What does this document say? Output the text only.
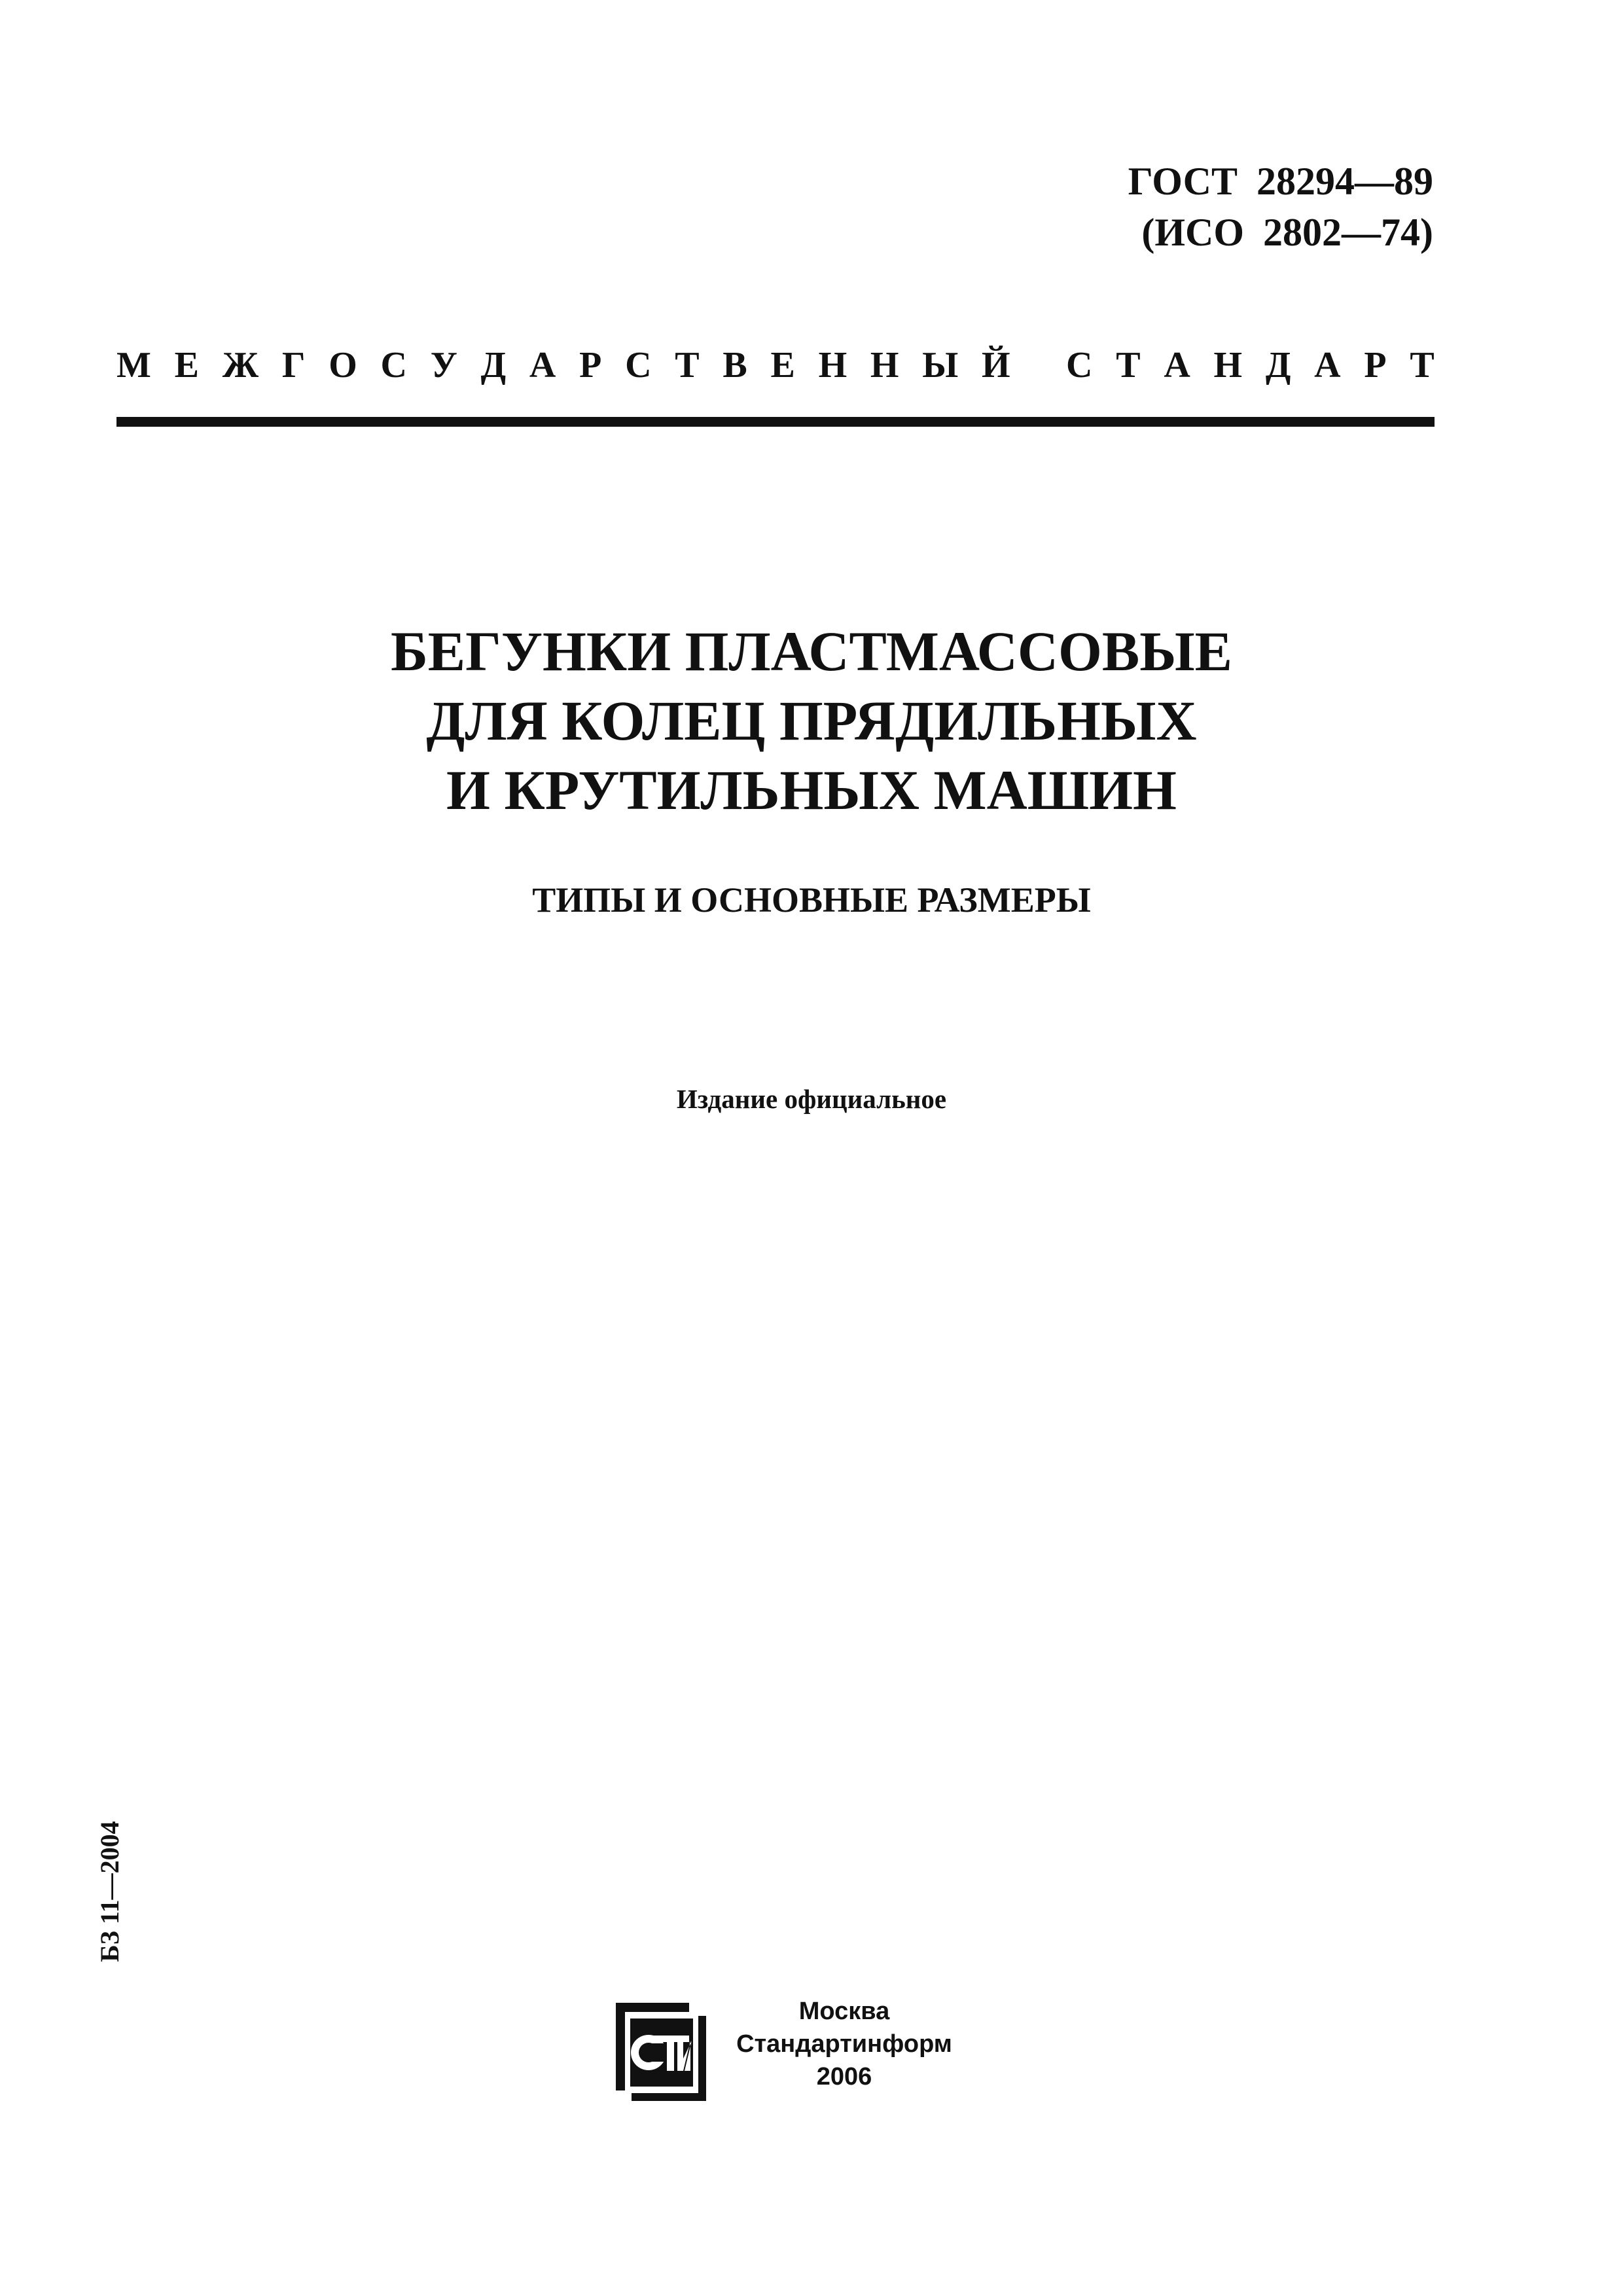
ГОСТ 28294—89
(ИСО 2802—74)
М Е Ж Г О С У Д А Р С Т В Е Н Н Ы Й
С Т А Н Д А Р Т
БЕГУНКИ ПЛАСТМАССОВЫЕ
ДЛЯ КОЛЕЦ ПРЯДИЛЬНЫХ
И КРУТИЛЬНЫХ МАШИН
ТИПЫ И ОСНОВНЫЕ РАЗМЕРЫ
Издание официальное
БЗ 11—2004
Москва
Стандартинформ
2006
